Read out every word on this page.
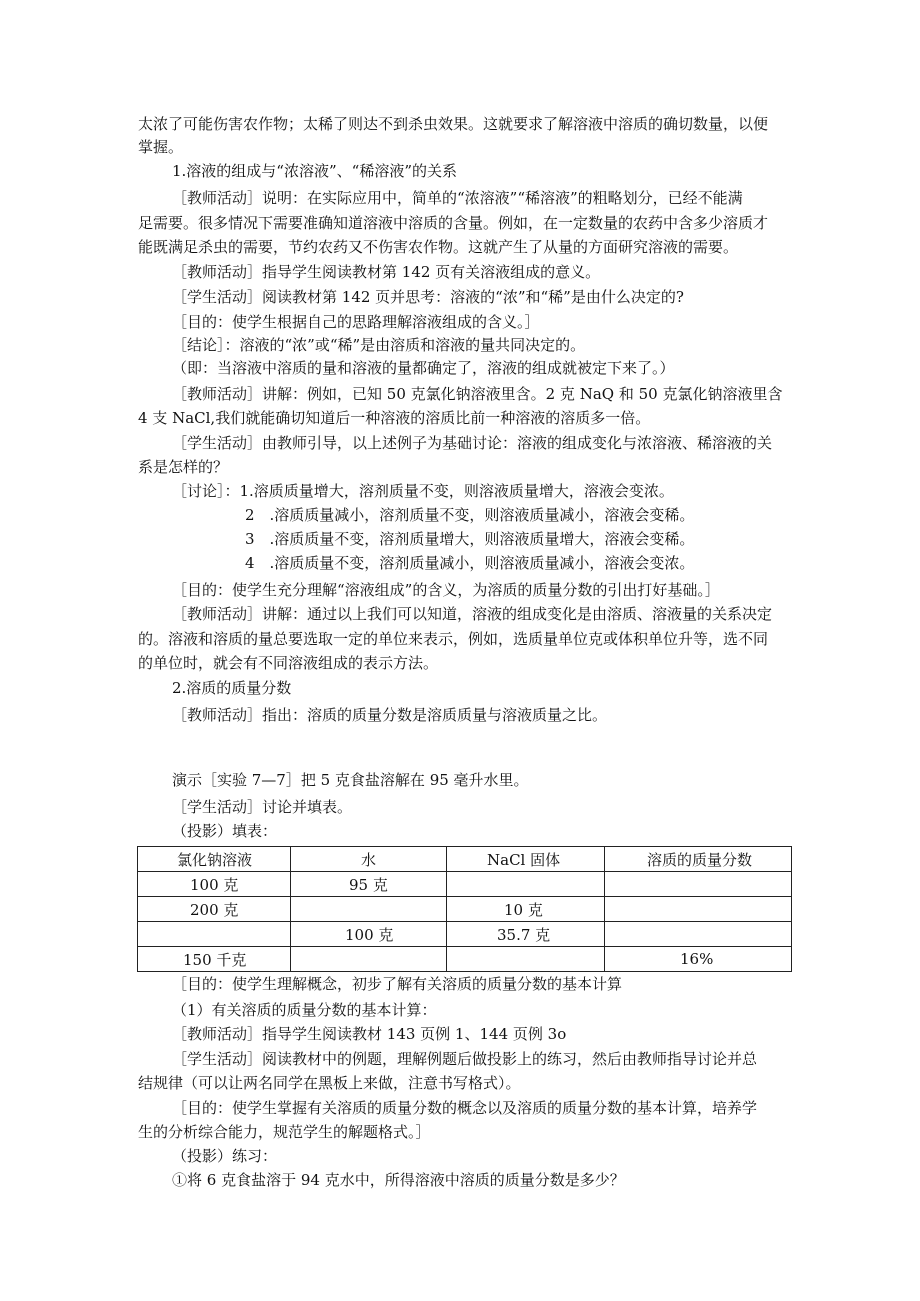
太浓了可能伤害农作物；太稀了则达不到杀虫效果。这就要求了解溶液中溶质的确切数量，以便
掌握。
1.溶液的组成与“浓溶液”、“稀溶液”的关系
［教师活动］说明：在实际应用中，简单的“浓溶液”“稀溶液”的粗略划分，已经不能满
足需要。很多情况下需要准确知道溶液中溶质的含量。例如，在一定数量的农药中含多少溶质才
能既满足杀虫的需要，节约农药又不伤害农作物。这就产生了从量的方面研究溶液的需要。
［教师活动］指导学生阅读教材第 142 页有关溶液组成的意义。
［学生活动］阅读教材第 142 页并思考：溶液的“浓”和“稀”是由什么决定的?
［目的：使学生根据自己的思路理解溶液组成的含义。］
［结论］：溶液的“浓”或“稀”是由溶质和溶液的量共同决定的。
（即：当溶液中溶质的量和溶液的量都确定了，溶液的组成就被定下来了。）
［教师活动］讲解：例如，已知 50 克氯化钠溶液里含。2 克 NaQ 和 50 克氯化钠溶液里含
4 支 NaCl,我们就能确切知道后一种溶液的溶质比前一种溶液的溶质多一倍。
［学生活动］由教师引导，以上述例子为基础讨论：溶液的组成变化与浓溶液、稀溶液的关
系是怎样的？
［讨论］：1.溶质质量增大，溶剂质量不变，则溶液质量增大，溶液会变浓。
2　.溶质质量减小，溶剂质量不变，则溶液质量减小，溶液会变稀。
3　.溶质质量不变，溶剂质量增大，则溶液质量增大，溶液会变稀。
4　.溶质质量不变，溶剂质量减小，则溶液质量减小，溶液会变浓。
［目的：使学生充分理解“溶液组成”的含义，为溶质的质量分数的引出打好基础。］
［教师活动］讲解：通过以上我们可以知道，溶液的组成变化是由溶质、溶液量的关系决定
的。溶液和溶质的量总要选取一定的单位来表示，例如，选质量单位克或体积单位升等，选不同
的单位时，就会有不同溶液组成的表示方法。
2.溶质的质量分数
［教师活动］指出：溶质的质量分数是溶质质量与溶液质量之比。
演示［实验 7—7］把 5 克食盐溶解在 95 毫升水里。
［学生活动］讨论并填表。
（投影）填表：
氯化钠溶液	水	NaCl 固体	溶质的质量分数
100 克	95 克		
200 克		10 克	
	100 克	35.7 克	
150 千克			16%
［目的：使学生理解概念，初步了解有关溶质的质量分数的基本计算
（1）有关溶质的质量分数的基本计算：
［教师活动］指导学生阅读教材 143 页例 1、144 页例 3o
［学生活动］阅读教材中的例题，理解例题后做投影上的练习，然后由教师指导讨论并总
结规律（可以让两名同学在黑板上来做，注意书写格式）。
［目的：使学生掌握有关溶质的质量分数的概念以及溶质的质量分数的基本计算，培养学
生的分析综合能力，规范学生的解题格式。］
（投影）练习：
①将 6 克食盐溶于 94 克水中，所得溶液中溶质的质量分数是多少？
